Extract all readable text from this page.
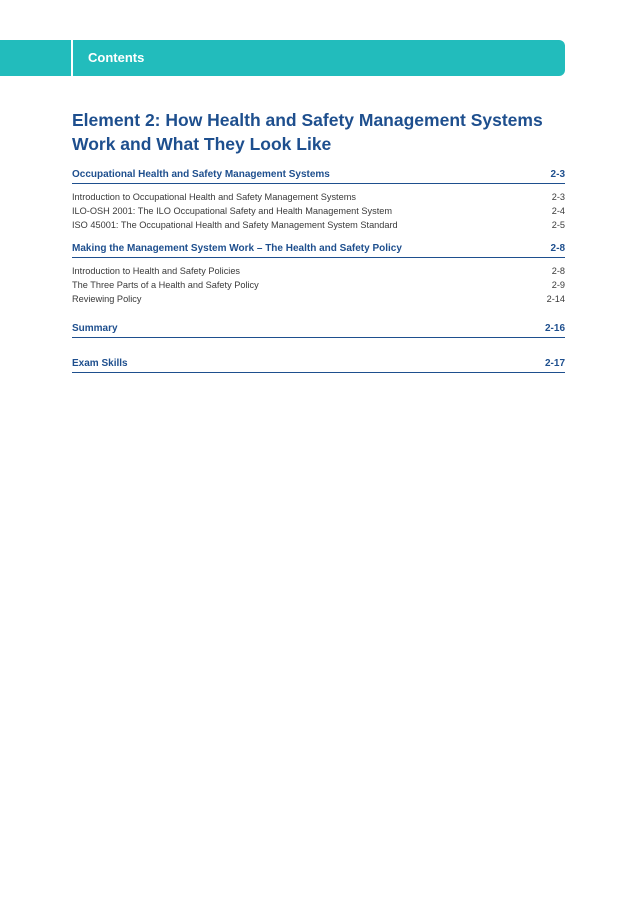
Contents
Element 2: How Health and Safety Management Systems Work and What They Look Like
Occupational Health and Safety Management Systems	2-3
Introduction to Occupational Health and Safety Management Systems	2-3
ILO-OSH 2001: The ILO Occupational Safety and Health Management System	2-4
ISO 45001: The Occupational Health and Safety Management System Standard	2-5
Making the Management System Work – The Health and Safety Policy	2-8
Introduction to Health and Safety Policies	2-8
The Three Parts of a Health and Safety Policy	2-9
Reviewing Policy	2-14
Summary	2-16
Exam Skills	2-17
